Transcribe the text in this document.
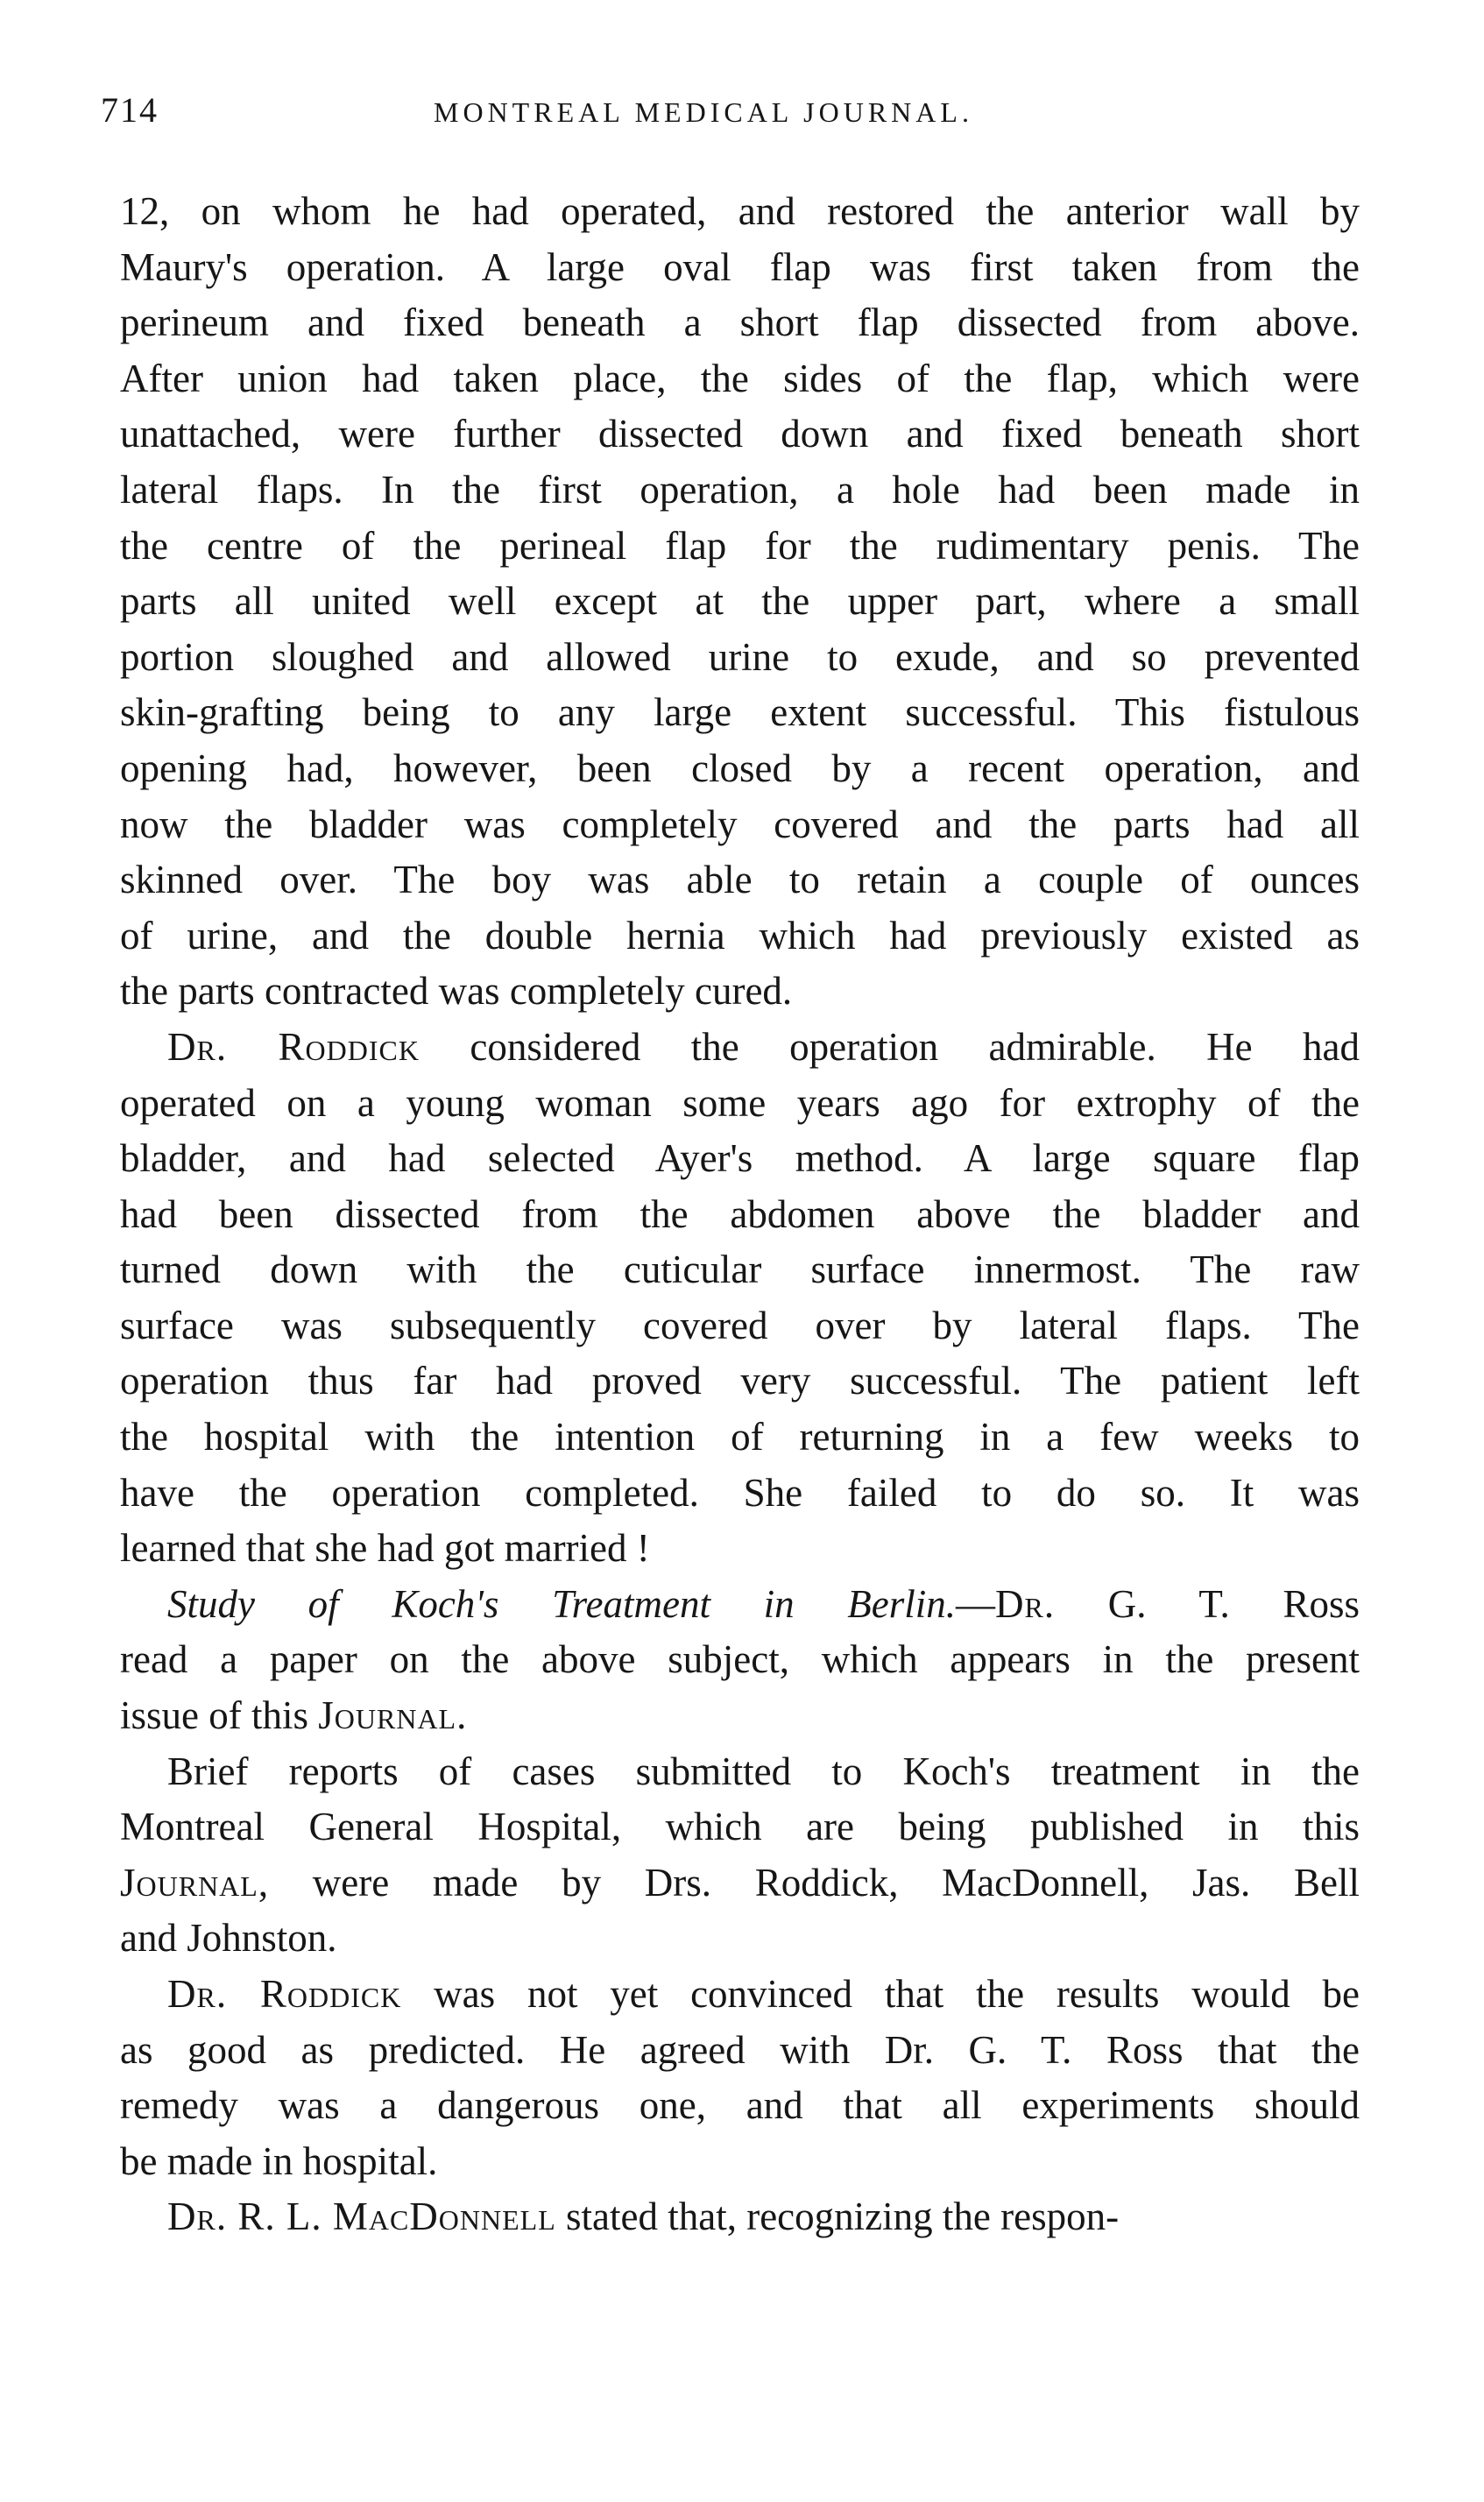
714	MONTREAL MEDICAL JOURNAL.
12, on whom he had operated, and restored the anterior wall by
Maury's operation. A large oval flap was first taken from the
perineum and fixed beneath a short flap dissected from above.
After union had taken place, the sides of the flap, which were
unattached, were further dissected down and fixed beneath short
lateral flaps. In the first operation, a hole had been made in
the centre of the perineal flap for the rudimentary penis. The
parts all united well except at the upper part, where a small
portion sloughed and allowed urine to exude, and so prevented
skin-grafting being to any large extent successful. This fistulous
opening had, however, been closed by a recent operation, and
now the bladder was completely covered and the parts had all
skinned over. The boy was able to retain a couple of ounces
of urine, and the double hernia which had previously existed as
the parts contracted was completely cured.
Dr. Roddick considered the operation admirable. He had
operated on a young woman some years ago for extrophy of the
bladder, and had selected Ayer's method. A large square flap
had been dissected from the abdomen above the bladder and
turned down with the cuticular surface innermost. The raw
surface was subsequently covered over by lateral flaps. The
operation thus far had proved very successful. The patient left
the hospital with the intention of returning in a few weeks to
have the operation completed. She failed to do so. It was
learned that she had got married !
Study of Koch's Treatment in Berlin.—Dr. G. T. Ross
read a paper on the above subject, which appears in the present
issue of this Journal.
Brief reports of cases submitted to Koch's treatment in the
Montreal General Hospital, which are being published in this
Journal, were made by Drs. Roddick, MacDonnell, Jas. Bell
and Johnston.
Dr. Roddick was not yet convinced that the results would be
as good as predicted. He agreed with Dr. G. T. Ross that the
remedy was a dangerous one, and that all experiments should
be made in hospital.
Dr. R. L. MacDonnell stated that, recognizing the respon-
